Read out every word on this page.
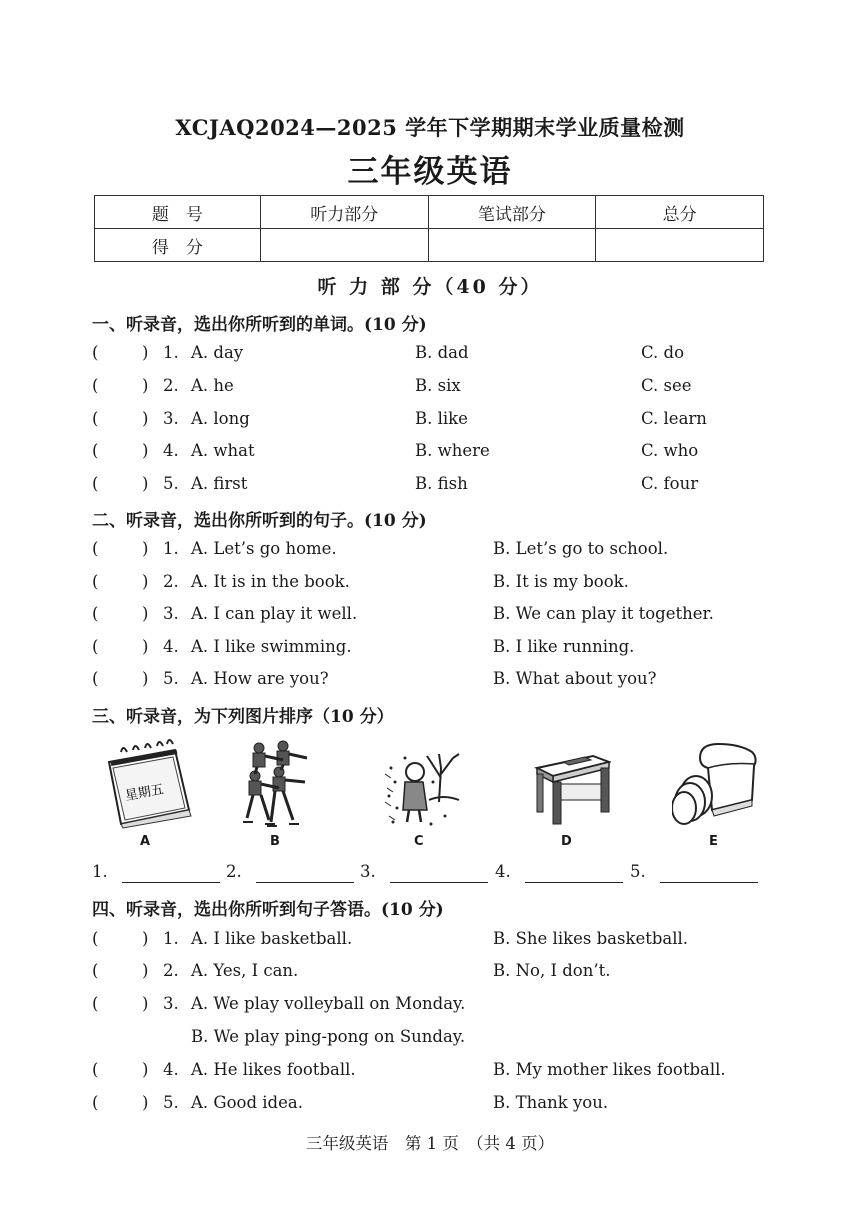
XCJAQ2024—2025 学年下学期期末学业质量检测
三年级英语
题　号	听力部分	笔试部分	总分
得　分			
听 力 部 分（40 分）
一、听录音，选出你所听到的单词。(10 分)
(	) 1. A. day	B. dad	C. do
(	) 2. A. he	B. six	C. see
(	) 3. A. long	B. like	C. learn
(	) 4. A. what	B. where	C. who
(	) 5. A. first	B. fish	C. four
二、听录音，选出你所听到的句子。(10 分)
(	) 1. A. Let’s go home.	B. Let’s go to school.
(	) 2. A. It is in the book.	B. It is my book.
(	) 3. A. I can play it well.	B. We can play it together.
(	) 4. A. I like swimming.	B. I like running.
(	) 5. A. How are you?	B. What about you?
三、听录音，为下列图片排序（10 分）
星期五
A	B	C	D	E
1.	2.	3.	4.	5.
四、听录音，选出你所听到句子答语。(10 分)
(	) 1. A. I like basketball.	B. She likes basketball.
(	) 2. A. Yes, I can.	B. No, I don’t.
(	) 3. A. We play volleyball on Monday.
B. We play ping-pong on Sunday.
(	) 4. A. He likes football.	B. My mother likes football.
(	) 5. A. Good idea.	B. Thank you.
三年级英语　第 1 页　（共 4 页）
